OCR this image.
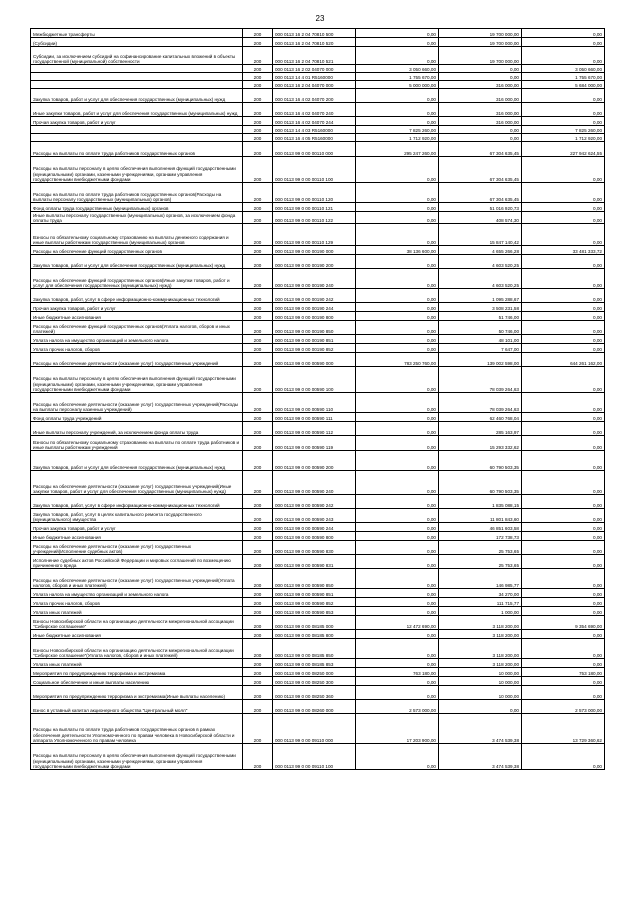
23
Межбюджетные трансферты	200	000 0113 16 2 04 70810 500	0,00	19 700 000,00	0,00
(Субсидии)	200	000 0113 16 2 04 70810 520	0,00	19 700 000,00	0,00
Субсидии, за исключением субсидий на софинансирование капитальных вложений в объекты государственной (муниципальной) собственности	200	000 0113 16 2 04 70810 521	0,00	19 700 000,00	0,00
	200	000 0113 16 2 02 04070 000	3 050 660,00	0,00	3 050 660,00
	200	000 0113 14 4 01 R5160000	1 755 670,00	0,00	1 755 670,00
	200	000 0113 16 2 04 04070 000	5 000 000,00	316 000,00	5 684 000,00
Закупка товаров, работ и услуг для обеспечения государственных (муниципальных) нужд	200	000 0113 16 4 02 04070 200	0,00	316 000,00	0,00
Иные закупки товаров, работ и услуг для обеспечения государственных (муниципальных) нужд	200	000 0113 16 4 02 04070 240	0,00	316 000,00	0,00
Прочая закупка товаров, работ и услуг	200	000 0113 16 4 02 04070 244	0,00	316 000,00	0,00
	200	000 0113 14 4 03 R5160000	7 825 260,00	0,00	7 825 260,00
	200	000 0113 16 4 05 R5160000	1 712 920,00	0,00	1 712 920,00
Расходы на выплаты по оплате труда работников государственных органов	200	000 0113 99 0 00 00110 000	295 247 260,00	67 304 635,45	227 942 624,55
Расходы на выплаты персоналу в целях обеспечения выполнения функций государственными (муниципальными) органами, казенными учреждениями, органами управления государственными внебюджетными фондами	200	000 0113 99 0 00 00110 100	0,00	67 304 635,45	0,00
Расходы на выплаты по оплате труда работников государственных органов(Расходы на выплаты персоналу государственных (муниципальных) органов)	200	000 0113 99 0 00 00110 120	0,00	67 304 635,45	0,00
Фонд оплаты труда государственных (муниципальных) органов	200	000 0113 99 0 00 00110 121	0,00	51 016 920,73	0,00
Иные выплаты персоналу государственных (муниципальных) органов, за исключением фонда оплаты труда	200	000 0113 99 0 00 00110 122	0,00	408 574,30	0,00
Взносы по обязательному социальному страхованию на выплаты денежного содержания и иные выплаты работникам государственных (муниципальных) органов	200	000 0113 99 0 00 00110 129	0,00	15 847 140,42	0,00
Расходы на обеспечение функций государственных органов	200	000 0113 99 0 00 00190 000	38 136 600,00	4 655 266,28	33 481 333,72
Закупка товаров, работ и услуг для обеспечения государственных (муниципальных) нужд	200	000 0113 99 0 00 00190 200	0,00	4 603 520,25	0,00
Расходы на обеспечение функций государственных органов(Иные закупки товаров, работ и услуг для обеспечения государственных (муниципальных) нужд)	200	000 0113 99 0 00 00190 240	0,00	4 603 520,25	0,00
Закупка товаров, работ, услуг в сфере информационно-коммуникационных технологий	200	000 0113 99 0 00 00190 242	0,00	1 095 288,67	0,00
Прочая закупка товаров, работ и услуг	200	000 0113 99 0 00 00190 244	0,00	3 508 231,58	0,00
Иные бюджетные ассигнования	200	000 0113 99 0 00 00190 800	0,00	51 746,00	0,00
Расходы на обеспечение функций государственных органов(Уплата налогов, сборов и иных платежей)	200	000 0113 99 0 00 00190 850	0,00	50 746,00	0,00
Уплата налога на имущество организаций и земельного налога	200	000 0113 99 0 00 00190 851	0,00	48 101,00	0,00
Уплата прочих налогов, сборов	200	000 0113 99 0 00 00190 852	0,00	7 647,00	0,00
Расходы на обеспечение деятельности (оказание услуг) государственных учреждений	200	000 0113 99 0 00 00590 000	783 250 760,00	139 002 598,00	644 261 162,00
Расходы на выплаты персоналу в целях обеспечения выполнения функций государственными (муниципальными) органами, казенными учреждениями, органами управления государственными внебюджетными фондами	200	000 0113 99 0 00 00590 100	0,00	78 039 264,63	0,00
Расходы на обеспечение деятельности (оказание услуг) государственных учреждений(Расходы на выплаты персоналу казенных учреждений)	200	000 0113 99 0 00 00590 110	0,00	78 039 264,63	0,00
Фонд оплаты труда учреждений	200	000 0113 99 0 00 00590 111	0,00	62 460 768,04	0,00
Иные выплаты персоналу учреждений, за исключением фонда оплаты труда	200	000 0113 99 0 00 00590 112	0,00	285 163,97	0,00
Взносы по обязательному социальному страхованию на выплаты по оплате труда работников и иные выплаты работникам учреждений	200	000 0113 99 0 00 00590 119	0,00	15 293 332,62	0,00
Закупка товаров, работ и услуг для обеспечения государственных (муниципальных) нужд	200	000 0113 99 0 00 00590 200	0,00	60 790 503,35	0,00
Расходы на обеспечение деятельности (оказание услуг) государственных учреждений(Иные закупки товаров, работ и услуг для обеспечения государственных (муниципальных) нужд)	200	000 0113 99 0 00 00590 240	0,00	60 790 503,35	0,00
Закупка товаров, работ, услуг в сфере информационно-коммуникационных технологий	200	000 0113 99 0 00 00590 242	0,00	1 835 088,15	0,00
Закупка товаров, работ, услуг в целях капитального ремонта государственного (муниципального) имущества	200	000 0113 99 0 00 00590 243	0,00	11 801 843,60	0,00
Прочая закупка товаров, работ и услуг	200	000 0113 99 0 00 00590 244	0,00	46 851 603,58	0,00
Иные бюджетные ассигнования	200	000 0113 99 0 00 00590 800	0,00	172 738,73	0,00
Расходы на обеспечение деятельности (оказание услуг) государственных учреждений(Исполнение судебных актов)	200	000 0113 99 0 00 00590 830	0,00	25 753,65	0,00
Исполнение судебных актов Российской Федерации и мировых соглашений по возмещению причиненного вреда	200	000 0113 99 0 00 00590 831	0,00	25 753,65	0,00
Расходы на обеспечение деятельности (оказание услуг) государственных учреждений(Уплата налогов, сборов и иных платежей)	200	000 0113 99 0 00 00590 850	0,00	146 985,77	0,00
Уплата налога на имущество организаций и земельного налога	200	000 0113 99 0 00 00590 851	0,00	34 270,00	0,00
Уплата прочих налогов, сборов	200	000 0113 99 0 00 00590 852	0,00	111 715,77	0,00
Уплата иных платежей	200	000 0113 99 0 00 00590 853	0,00	1 000,00	0,00
Взносы Новосибирской области на организацию деятельности межрегиональной ассоциации "Сибирское соглашение"	200	000 0113 99 0 00 08185 000	12 472 690,00	3 118 200,00	9 354 690,00
Иные бюджетные ассигнования	200	000 0113 99 0 00 08185 800	0,00	3 118 200,00	0,00
Взносы Новосибирской области на организацию деятельности межрегиональной ассоциации "Сибирское соглашение"(Уплата налогов, сборов и иных платежей)	200	000 0113 99 0 00 08185 850	0,00	3 118 200,00	0,00
Уплата иных платежей	200	000 0113 99 0 00 08185 853	0,00	3 118 200,00	0,00
Мероприятия по предупреждению терроризма и экстремизма	200	000 0113 99 0 00 08250 000	763 180,00	10 000,00	753 180,00
Социальное обеспечение и иные выплаты населению	200	000 0113 99 0 00 08250 300	0,00	10 000,00	0,00
Мероприятия по предупреждению терроризма и экстремизма(Иные выплаты населению)	200	000 0113 99 0 00 08250 360	0,00	10 000,00	0,00
Взнос в уставный капитал акционерного общества "Центральный молл"	200	000 0113 99 0 00 08260 000	2 573 000,00	0,00	2 573 000,00
Расходы на выплаты по оплате труда работников государственных органов в рамках обеспечения деятельности Уполномоченного по правам человека в Новосибирской области и аппарата Уполномоченного по правам человека	200	000 0113 99 0 00 09110 000	17 203 900,00	3 474 539,38	13 729 360,62
Расходы на выплаты персоналу в целях обеспечения выполнения функций государственными (муниципальными) органами, казенными учреждениями, органами управления государственными внебюджетными фондами	200	000 0113 99 0 00 09110 100	0,00	3 474 539,38	0,00
